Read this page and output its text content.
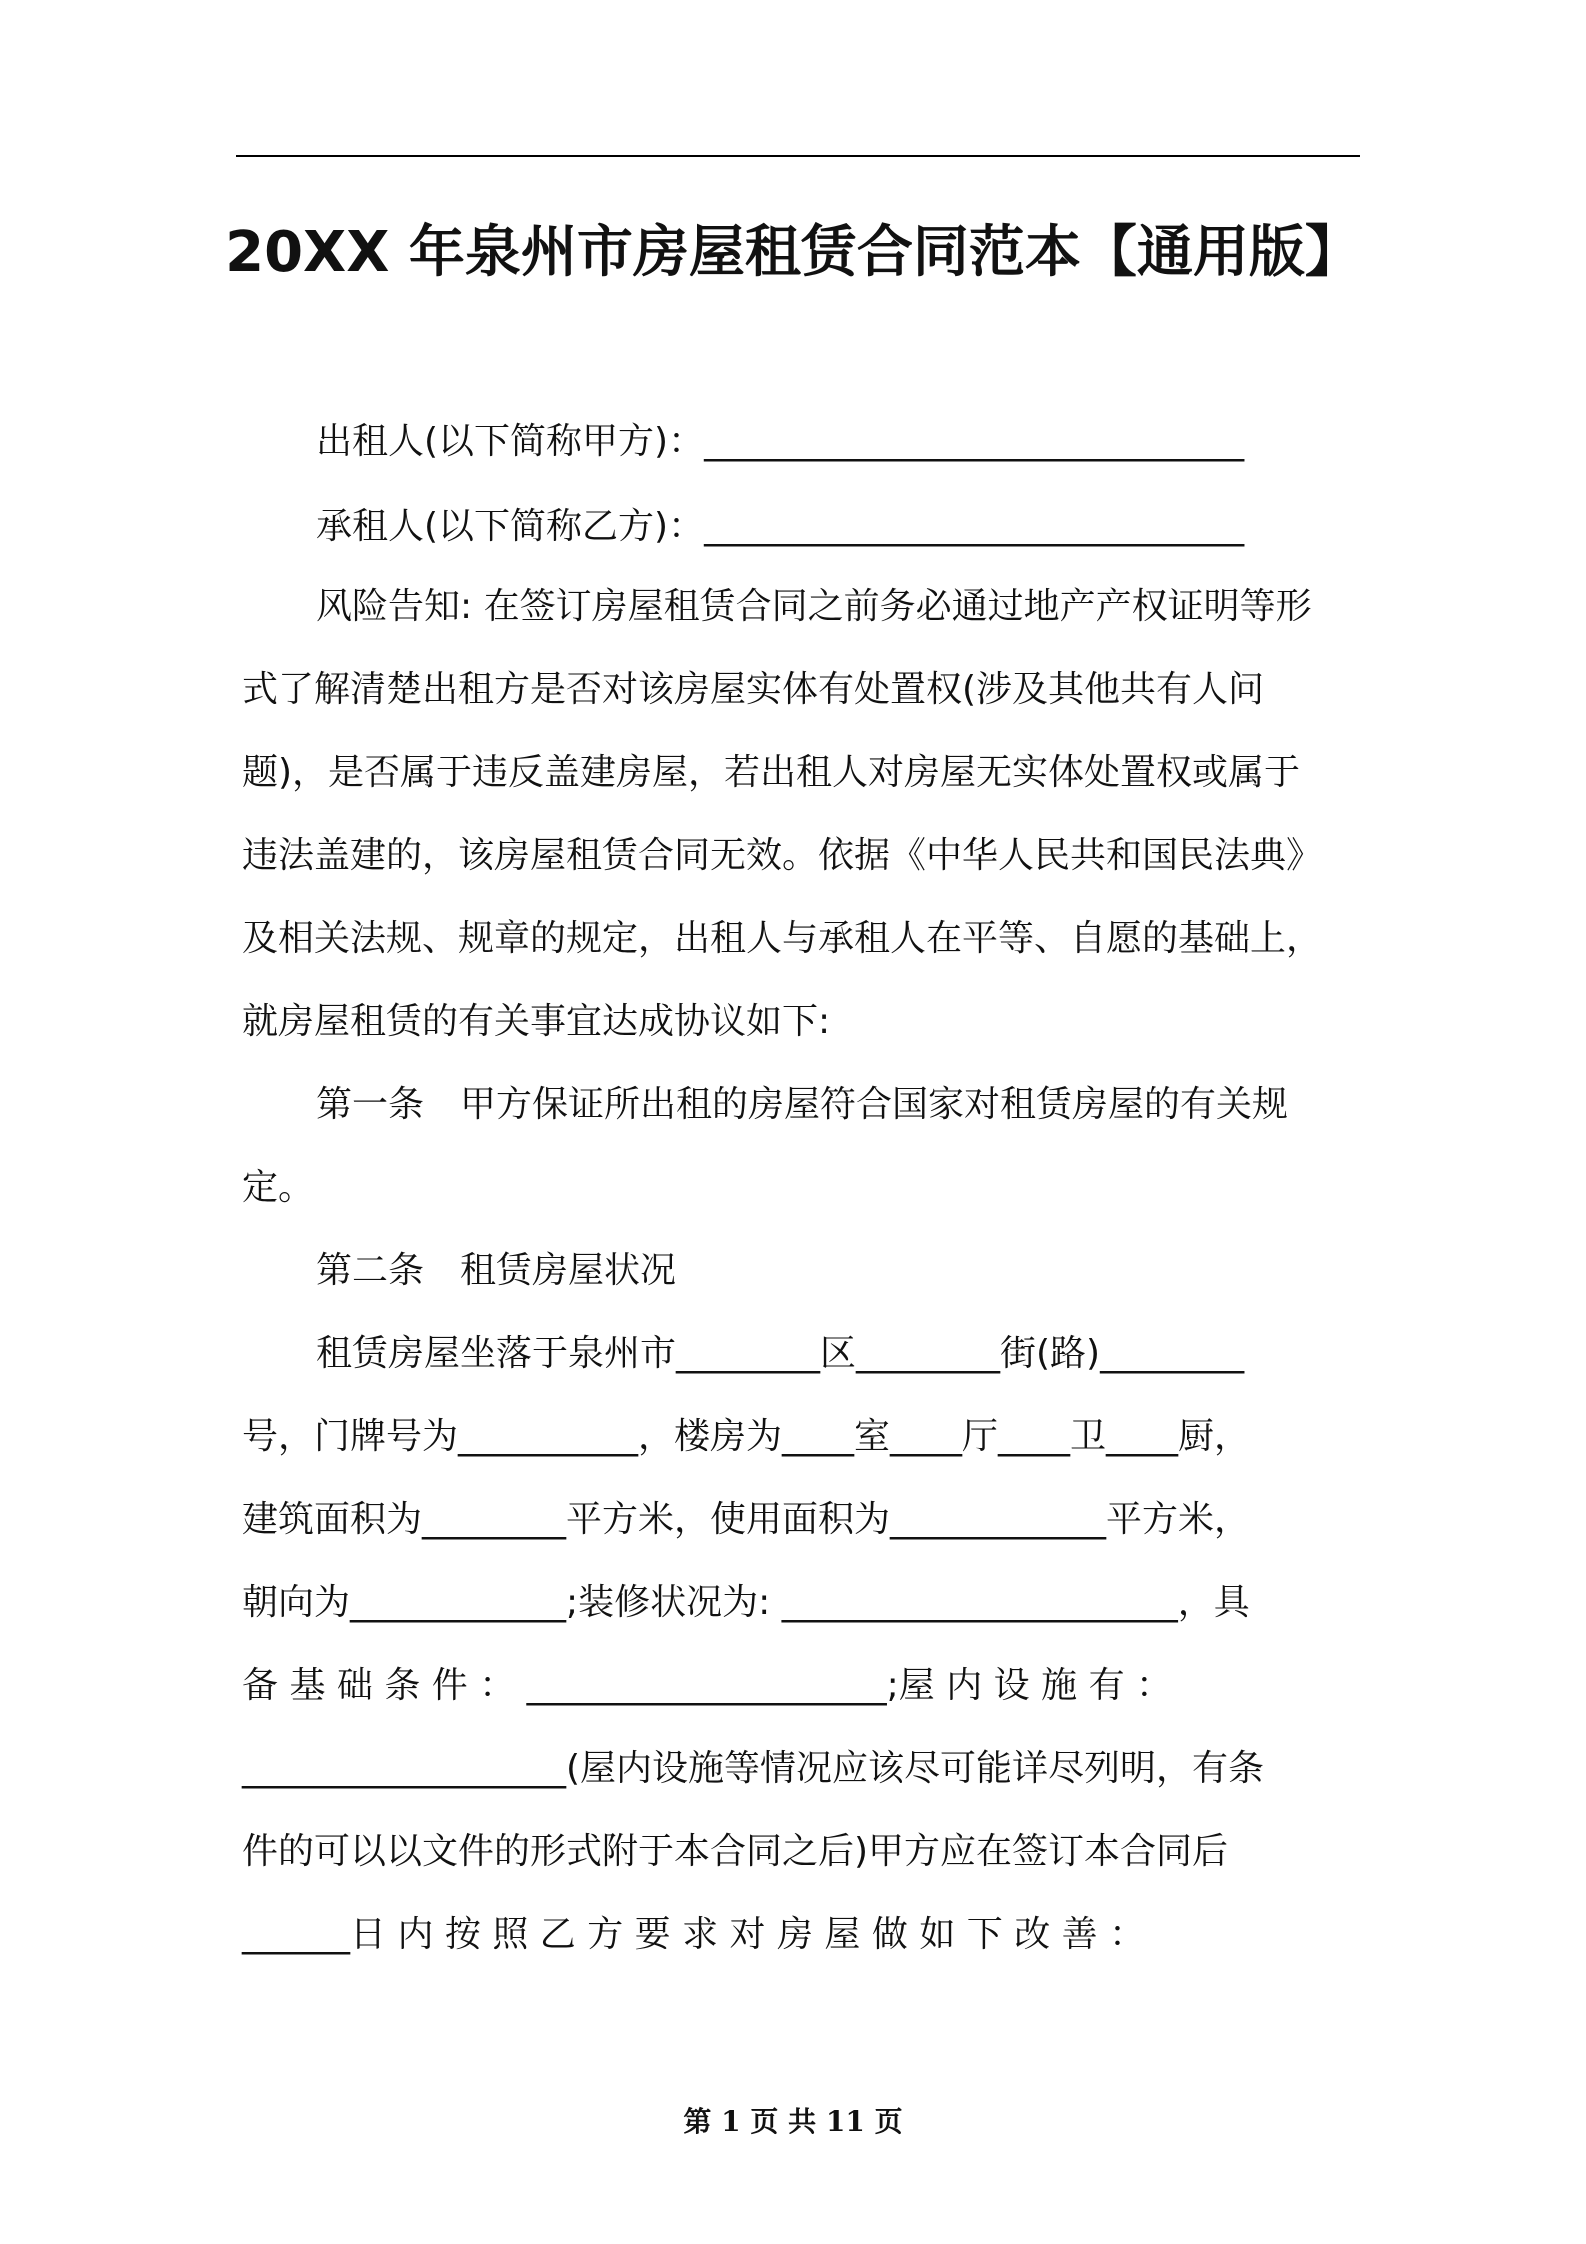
20XX 年泉州市房屋租赁合同范本【通用版】
出租人(以下简称甲方)：______________________________
承租人(以下简称乙方)：______________________________
风险告知: 在签订房屋租赁合同之前务必通过地产产权证明等形
式了解清楚出租方是否对该房屋实体有处置权(涉及其他共有人问
题)，是否属于违反盖建房屋，若出租人对房屋无实体处置权或属于
违法盖建的，该房屋租赁合同无效。依据《中华人民共和国民法典》
及相关法规、规章的规定，出租人与承租人在平等、自愿的基础上，
就房屋租赁的有关事宜达成协议如下:
第一条　甲方保证所出租的房屋符合国家对租赁房屋的有关规
定。
第二条　租赁房屋状况
租赁房屋坐落于泉州市________区________街(路)________
号，门牌号为__________，楼房为____室____厅____卫____厨，
建筑面积为________平方米，使用面积为____________平方米，
朝向为____________;装修状况为: ______________________，具
备 基 础 条 件 ： ____________________;屋 内 设 施 有 ：
__________________(屋内设施等情况应该尽可能详尽列明，有条
件的可以以文件的形式附于本合同之后)甲方应在签订本合同后
______日 内 按 照 乙 方 要 求 对 房 屋 做 如 下 改 善 ：
第 1 页 共 11 页
